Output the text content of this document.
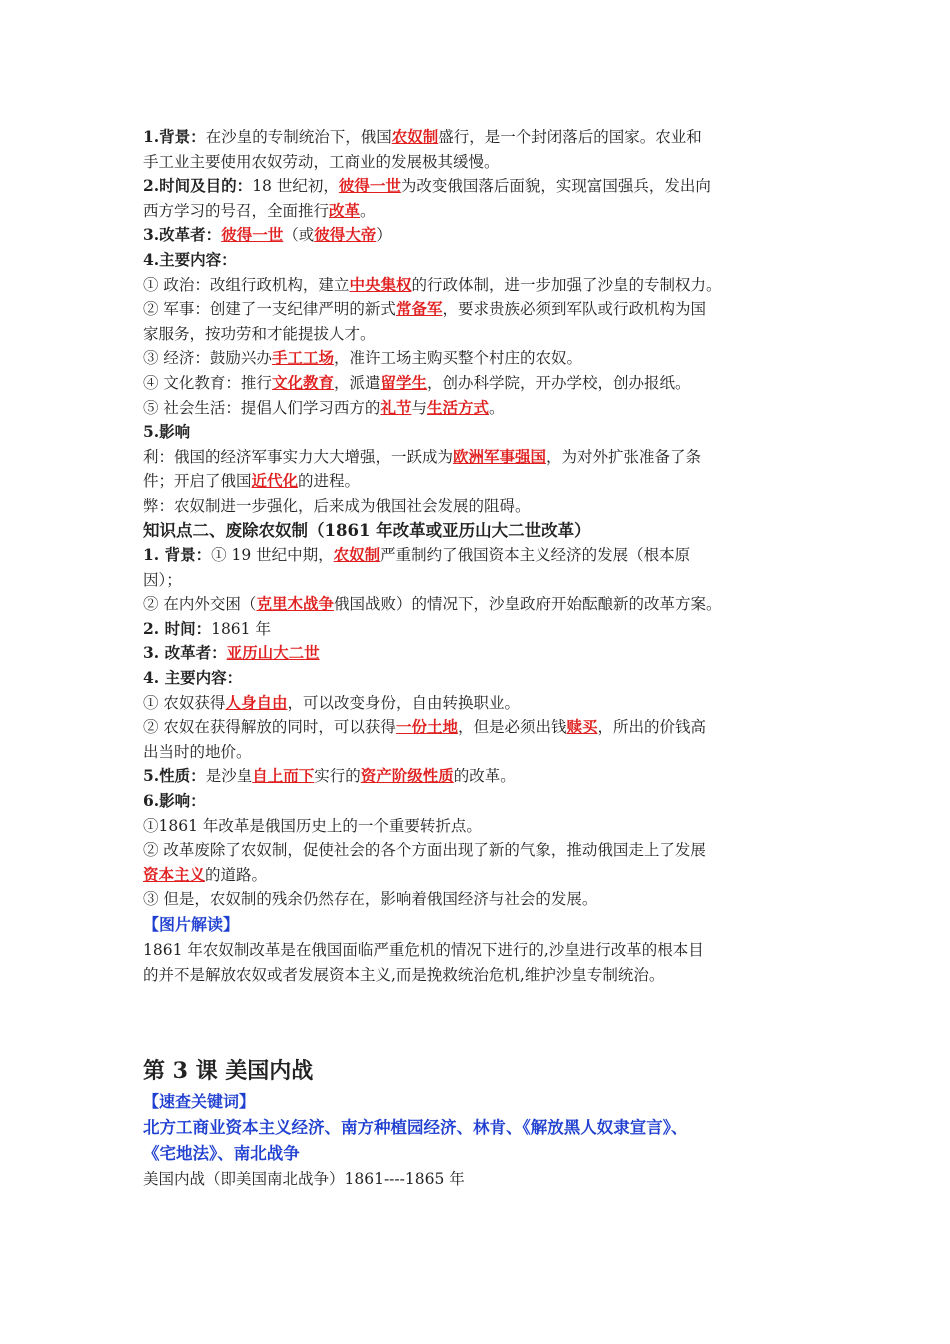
1.背景：在沙皇的专制统治下，俄国农奴制盛行，是一个封闭落后的国家。农业和
手工业主要使用农奴劳动，工商业的发展极其缓慢。
2.时间及目的：18 世纪初，彼得一世为改变俄国落后面貌，实现富国强兵，发出向
西方学习的号召，全面推行改革。
3.改革者：彼得一世（或彼得大帝）
4.主要内容：
① 政治：改组行政机构，建立中央集权的行政体制，进一步加强了沙皇的专制权力。
② 军事：创建了一支纪律严明的新式常备军，要求贵族必须到军队或行政机构为国
家服务，按功劳和才能提拔人才。
③ 经济：鼓励兴办手工工场，准许工场主购买整个村庄的农奴。
④ 文化教育：推行文化教育，派遣留学生，创办科学院，开办学校，创办报纸。
⑤ 社会生活：提倡人们学习西方的礼节与生活方式。
5.影响
利：俄国的经济军事实力大大增强，一跃成为欧洲军事强国，为对外扩张准备了条
件；开启了俄国近代化的进程。
弊：农奴制进一步强化，后来成为俄国社会发展的阻碍。
知识点二、废除农奴制（1861 年改革或亚历山大二世改革）
1. 背景：① 19 世纪中期，农奴制严重制约了俄国资本主义经济的发展（根本原
因）；
② 在内外交困（克里木战争俄国战败）的情况下，沙皇政府开始酝酿新的改革方案。
2. 时间：1861 年
3. 改革者：亚历山大二世
4. 主要内容：
① 农奴获得人身自由，可以改变身份，自由转换职业。
② 农奴在获得解放的同时，可以获得一份土地，但是必须出钱赎买，所出的价钱高
出当时的地价。
5.性质：是沙皇自上而下实行的资产阶级性质的改革。
6.影响：
①1861 年改革是俄国历史上的一个重要转折点。
② 改革废除了农奴制，促使社会的各个方面出现了新的气象，推动俄国走上了发展
资本主义的道路。
③ 但是，农奴制的残余仍然存在，影响着俄国经济与社会的发展。
【图片解读】
1861 年农奴制改革是在俄国面临严重危机的情况下进行的,沙皇进行改革的根本目
的并不是解放农奴或者发展资本主义,而是挽救统治危机,维护沙皇专制统治。
第 3 课 美国内战
【速查关键词】
北方工商业资本主义经济、南方种植园经济、林肯、《解放黑人奴隶宣言》、
《宅地法》、南北战争
美国内战（即美国南北战争）1861----1865 年
